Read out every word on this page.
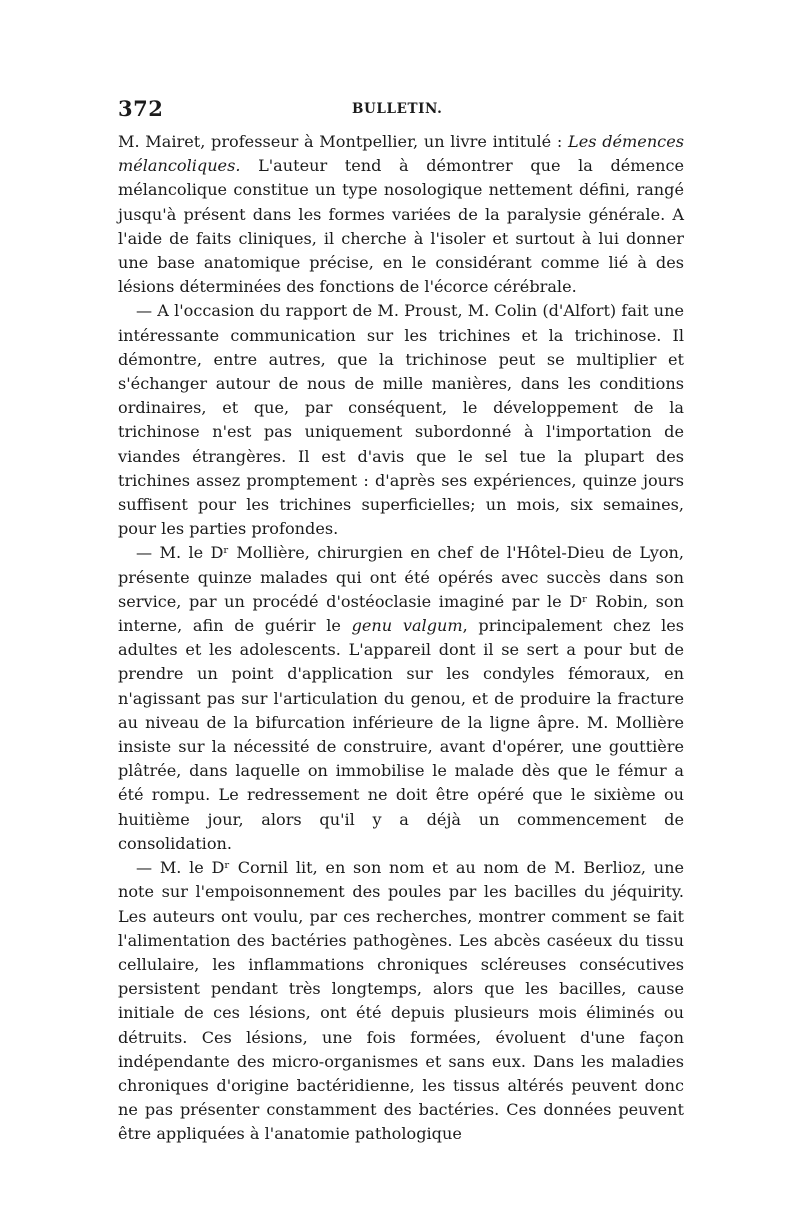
372	BULLETIN.

M. Mairet, professeur à Montpellier, un livre intitulé : Les démences mélancoliques. L'auteur tend à démontrer que la démence mélancolique constitue un type nosologique nettement défini, rangé jusqu'à présent dans les formes variées de la paralysie générale. A l'aide de faits cliniques, il cherche à l'isoler et surtout à lui donner une base anatomique précise, en le considérant comme lié à des lésions déterminées des fonctions de l'écorce cérébrale.

— A l'occasion du rapport de M. Proust, M. Colin (d'Alfort) fait une intéressante communication sur les trichines et la trichinose. Il démontre, entre autres, que la trichinose peut se multiplier et s'échanger autour de nous de mille manières, dans les conditions ordinaires, et que, par conséquent, le développement de la trichinose n'est pas uniquement subordonné à l'importation de viandes étrangères. Il est d'avis que le sel tue la plupart des trichines assez promptement : d'après ses expériences, quinze jours suffisent pour les trichines superficielles; un mois, six semaines, pour les parties profondes.

— M. le Dʳ Mollière, chirurgien en chef de l'Hôtel-Dieu de Lyon, présente quinze malades qui ont été opérés avec succès dans son service, par un procédé d'ostéoclasie imaginé par le Dʳ Robin, son interne, afin de guérir le genu valgum, principalement chez les adultes et les adolescents. L'appareil dont il se sert a pour but de prendre un point d'application sur les condyles fémoraux, en n'agissant pas sur l'articulation du genou, et de produire la fracture au niveau de la bifurcation inférieure de la ligne âpre. M. Mollière insiste sur la nécessité de construire, avant d'opérer, une gouttière plâtrée, dans laquelle on immobilise le malade dès que le fémur a été rompu. Le redressement ne doit être opéré que le sixième ou huitième jour, alors qu'il y a déjà un commencement de consolidation.

— M. le Dʳ Cornil lit, en son nom et au nom de M. Berlioz, une note sur l'empoisonnement des poules par les bacilles du jéquirity. Les auteurs ont voulu, par ces recherches, montrer comment se fait l'alimentation des bactéries pathogènes. Les abcès caséeux du tissu cellulaire, les inflammations chroniques scléreuses consécutives persistent pendant très longtemps, alors que les bacilles, cause initiale de ces lésions, ont été depuis plusieurs mois éliminés ou détruits. Ces lésions, une fois formées, évoluent d'une façon indépendante des micro-organismes et sans eux. Dans les maladies chroniques d'origine bactéridienne, les tissus altérés peuvent donc ne pas présenter constamment des bactéries. Ces données peuvent être appliquées à l'anatomie pathologique
